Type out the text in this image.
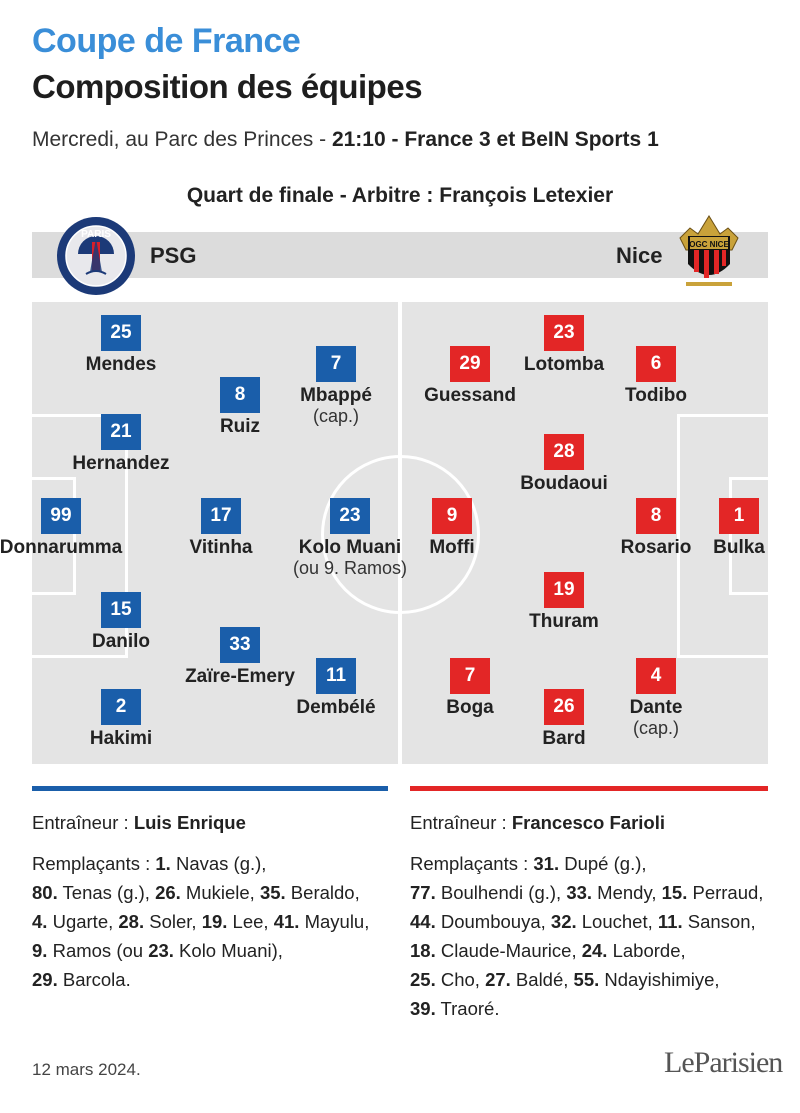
Coupe de France
Composition des équipes
Mercredi, au Parc des Princes - 21:10 - France 3 et BeIN Sports 1
Quart de finale - Arbitre : François Letexier
PARIS
PSG	OGC NICE
Nice
25
Mendes
21
Hernandez
99
Donnarumma
15
Danilo
2
Hakimi
8
Ruiz
17
Vitinha
33
Zaïre-Emery
7
Mbappé
(cap.)
23
Kolo Muani
(ou 9. Ramos)
11
Dembélé
23
Lotomba
29
Guessand
6
Todibo
28
Boudaoui
9
Moffi
8
Rosario
1
Bulka
19
Thuram
7
Boga	26
Bard
4
Dante
(cap.)

Entraîneur : Luis Enrique

Remplaçants : 1. Navas (g.),

80. Tenas (g.), 26. Mukiele, 35. Beraldo,

4. Ugarte, 28. Soler, 19. Lee, 41. Mayulu,

9. Ramos (ou 23. Kolo Muani),

29. Barcola.

Entraîneur : Francesco Farioli

Remplaçants : 31. Dupé (g.),

77. Boulhendi (g.), 33. Mendy, 15. Perraud,

44. Doumbouya, 32. Louchet, 11. Sanson,

18. Claude-Maurice, 24. Laborde,

25. Cho, 27. Baldé, 55. Ndayishimiye,

39. Traoré.

12 mars 2024.	LeParisien
